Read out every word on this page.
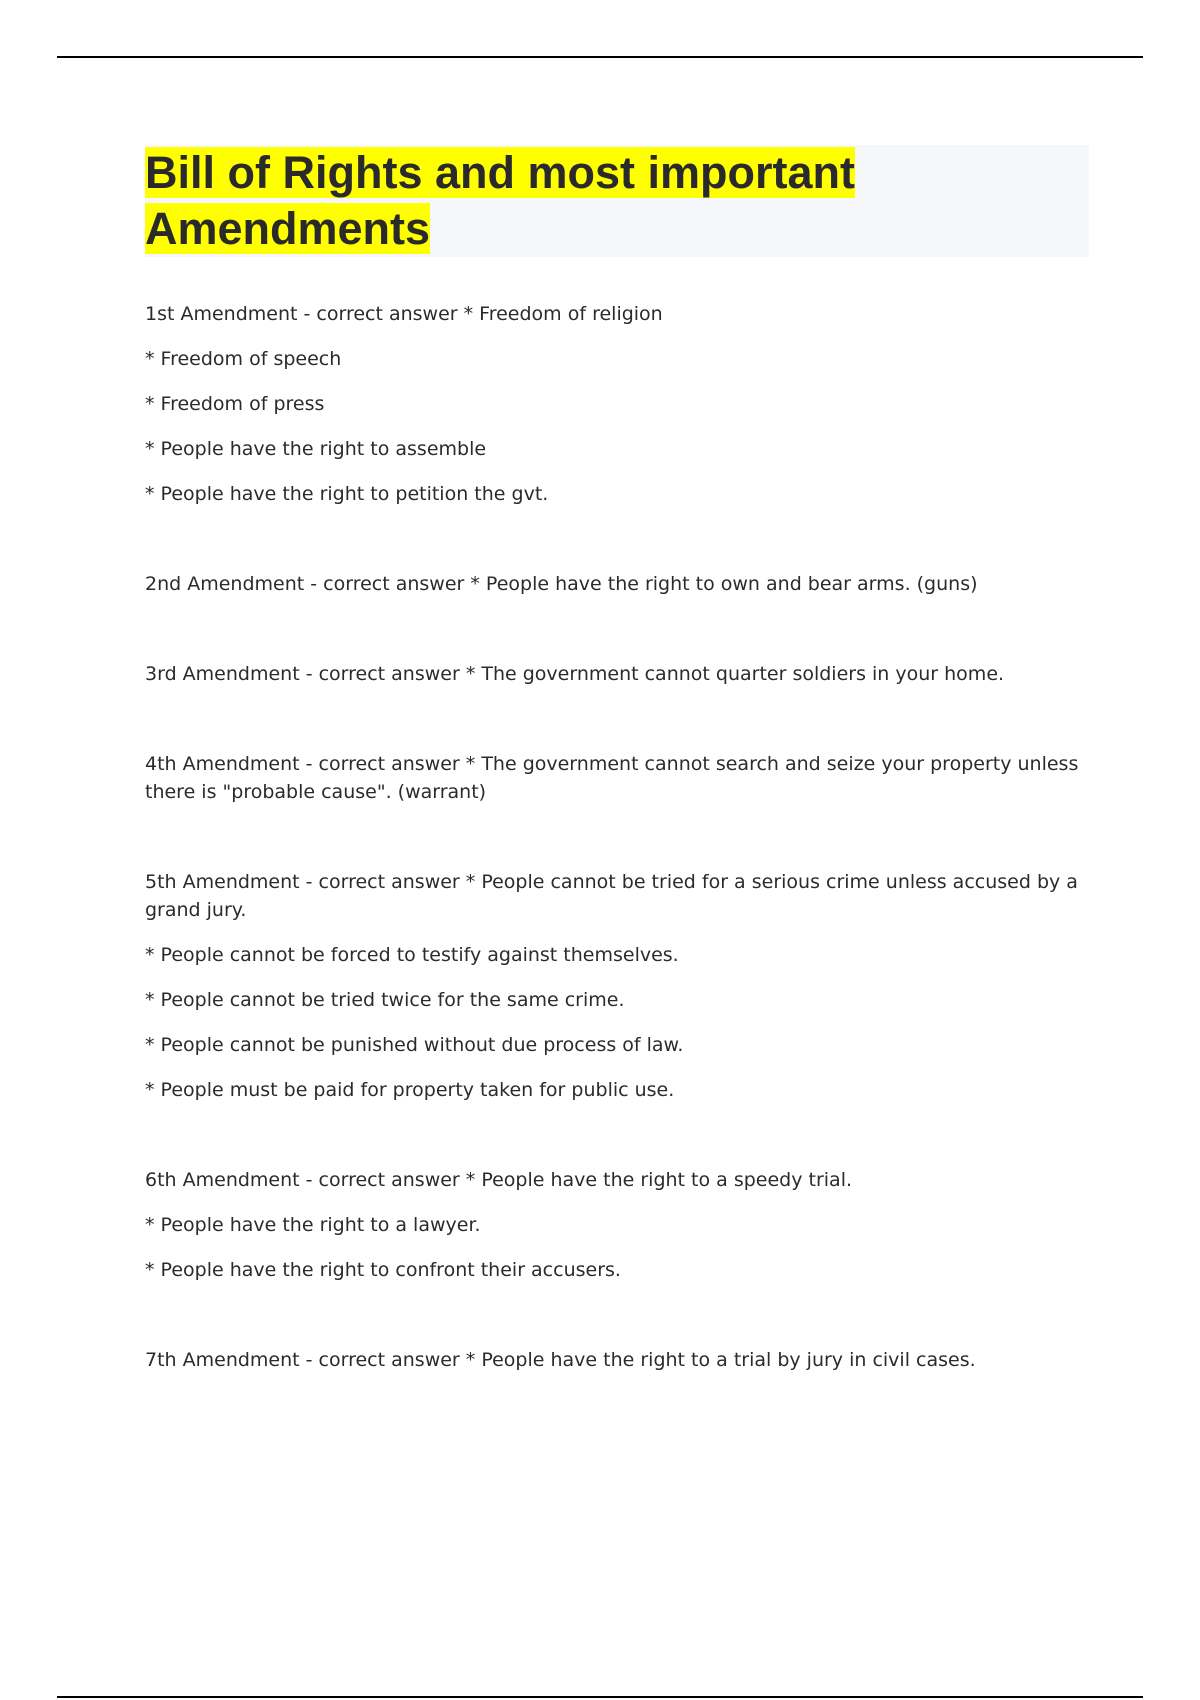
Bill of Rights and most important
Amendments

1st Amendment - correct answer * Freedom of religion

* Freedom of speech

* Freedom of press

* People have the right to assemble

* People have the right to petition the gvt.

2nd Amendment - correct answer * People have the right to own and bear arms. (guns)

3rd Amendment - correct answer * The government cannot quarter soldiers in your home.

4th Amendment - correct answer * The government cannot search and seize your property unless there is "probable cause". (warrant)

5th Amendment - correct answer * People cannot be tried for a serious crime unless accused by a grand jury.

* People cannot be forced to testify against themselves.

* People cannot be tried twice for the same crime.

* People cannot be punished without due process of law.

* People must be paid for property taken for public use.

6th Amendment - correct answer * People have the right to a speedy trial.

* People have the right to a lawyer.

* People have the right to confront their accusers.

7th Amendment - correct answer * People have the right to a trial by jury in civil cases.
